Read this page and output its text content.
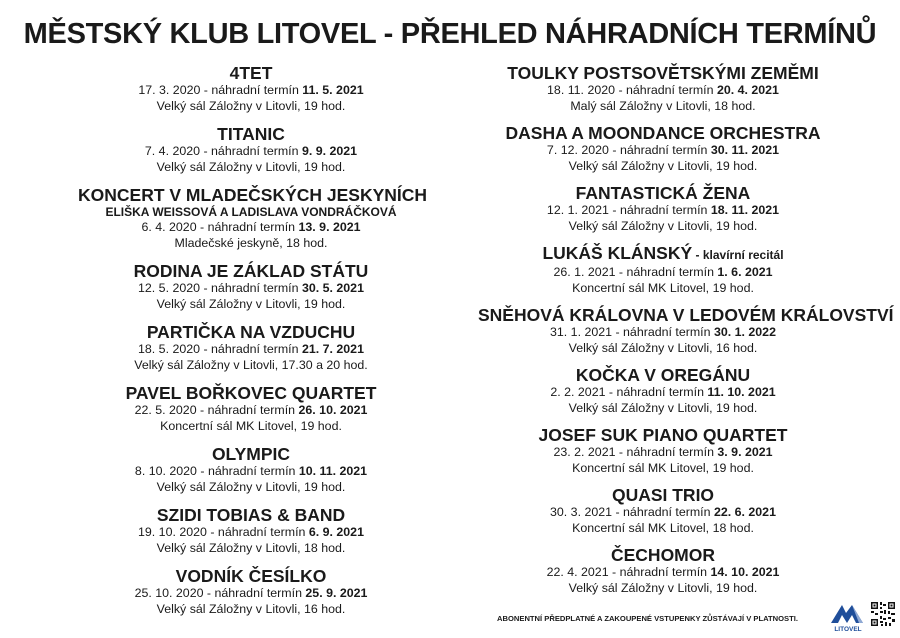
MĚSTSKÝ KLUB LITOVEL - PŘEHLED NÁHRADNÍCH TERMÍNŮ
4TET
17. 3. 2020 - náhradní termín 11. 5. 2021
Velký sál Záložny v Litovli, 19 hod.
TITANIC
7. 4. 2020 - náhradní termín 9. 9. 2021
Velký sál Záložny v Litovli, 19 hod.
KONCERT V MLADEČSKÝCH JESKYNÍCH
ELIŠKA WEISSOVÁ A LADISLAVA VONDRÁČKOVÁ
6. 4. 2020 - náhradní termín 13. 9. 2021
Mladečské jeskyně, 18 hod.
RODINA JE ZÁKLAD STÁTU
12. 5. 2020 - náhradní termín 30. 5. 2021
Velký sál Záložny v Litovli, 19 hod.
PARTIČKA NA VZDUCHU
18. 5. 2020 - náhradní termín 21. 7. 2021
Velký sál Záložny v Litovli, 17.30 a 20 hod.
PAVEL BOŘKOVEC QUARTET
22. 5. 2020 - náhradní termín 26. 10. 2021
Koncertní sál MK Litovel, 19 hod.
OLYMPIC
8. 10. 2020 - náhradní termín 10. 11. 2021
Velký sál Záložny v Litovli, 19 hod.
SZIDI TOBIAS & BAND
19. 10. 2020 - náhradní termín 6. 9. 2021
Velký sál Záložny v Litovli, 18 hod.
VODNÍK ČESÍLKO
25. 10. 2020 - náhradní termín 25. 9. 2021
Velký sál Záložny v Litovli, 16 hod.
TOULKY POSTSOVĚTSKÝMI ZEMĚMI
18. 11. 2020 - náhradní termín 20. 4. 2021
Malý sál Záložny v Litovli, 18 hod.
DASHA A MOONDANCE ORCHESTRA
7. 12. 2020 - náhradní termín 30. 11. 2021
Velký sál Záložny v Litovli, 19 hod.
FANTASTICKÁ ŽENA
12. 1. 2021 - náhradní termín 18. 11. 2021
Velký sál Záložny v Litovli, 19 hod.
LUKÁŠ KLÁNSKÝ - klavírní recitál
26. 1. 2021 - náhradní termín 1. 6. 2021
Koncertní sál MK Litovel, 19 hod.
SNĚHOVÁ KRÁLOVNA V LEDOVÉM KRÁLOVSTVÍ
31. 1. 2021 - náhradní termín 30. 1. 2022
Velký sál Záložny v Litovli, 16 hod.
KOČKA V OREGÁNU
2. 2. 2021 - náhradní termín 11. 10. 2021
Velký sál Záložny v Litovli, 19 hod.
JOSEF SUK PIANO QUARTET
23. 2. 2021 - náhradní termín 3. 9. 2021
Koncertní sál MK Litovel, 19 hod.
QUASI TRIO
30. 3. 2021 - náhradní termín 22. 6. 2021
Koncertní sál MK Litovel, 18 hod.
ČECHOMOR
22. 4. 2021 - náhradní termín 14. 10. 2021
Velký sál Záložny v Litovli, 19 hod.
ABONENTNÍ PŘEDPLATNÉ A ZAKOUPENÉ VSTUPENKY ZŮSTÁVAJÍ V PLATNOSTI.
LITOVEL
